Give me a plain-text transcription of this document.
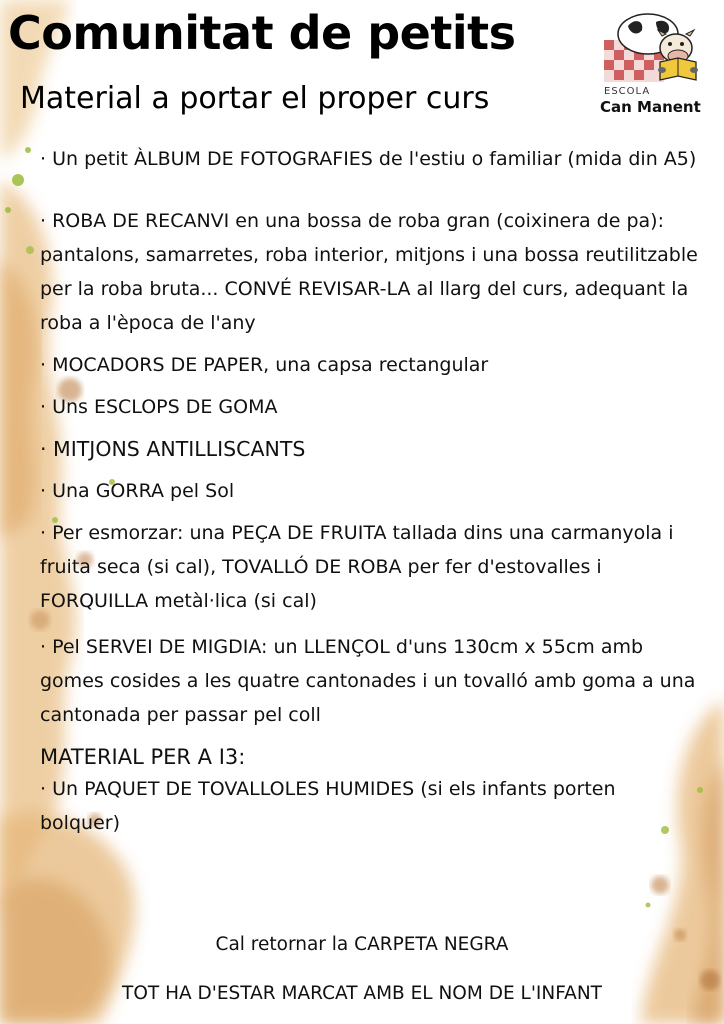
Comunitat de petits
Material a portar el proper curs	ESCOLA
Can Manent

· Un petit ÀLBUM DE FOTOGRAFIES de l'estiu o familiar (mida din A5)

· ROBA DE RECANVI en una bossa de roba gran (coixinera de pa): pantalons, samarretes, roba interior, mitjons i una bossa reutilitzable per la roba bruta... CONVÉ REVISAR-LA al llarg del curs, adequant la roba a l'època de l'any

· MOCADORS DE PAPER, una capsa rectangular

· Uns ESCLOPS DE GOMA

· MITJONS ANTILLISCANTS

· Una GORRA pel Sol

· Per esmorzar: una PEÇA DE FRUITA tallada dins una carmanyola i fruita seca (si cal), TOVALLÓ DE ROBA per fer d'estovalles i FORQUILLA metàl·lica (si cal)

· Pel SERVEI DE MIGDIA: un LLENÇOL d'uns 130cm x 55cm amb gomes cosides a les quatre cantonades i un tovalló amb goma a una cantonada per passar pel coll

MATERIAL PER A I3:

· Un PAQUET DE TOVALLOLES HUMIDES (si els infants porten bolquer)

Cal retornar la CARPETA NEGRA
TOT HA D'ESTAR MARCAT AMB EL NOM DE L'INFANT
